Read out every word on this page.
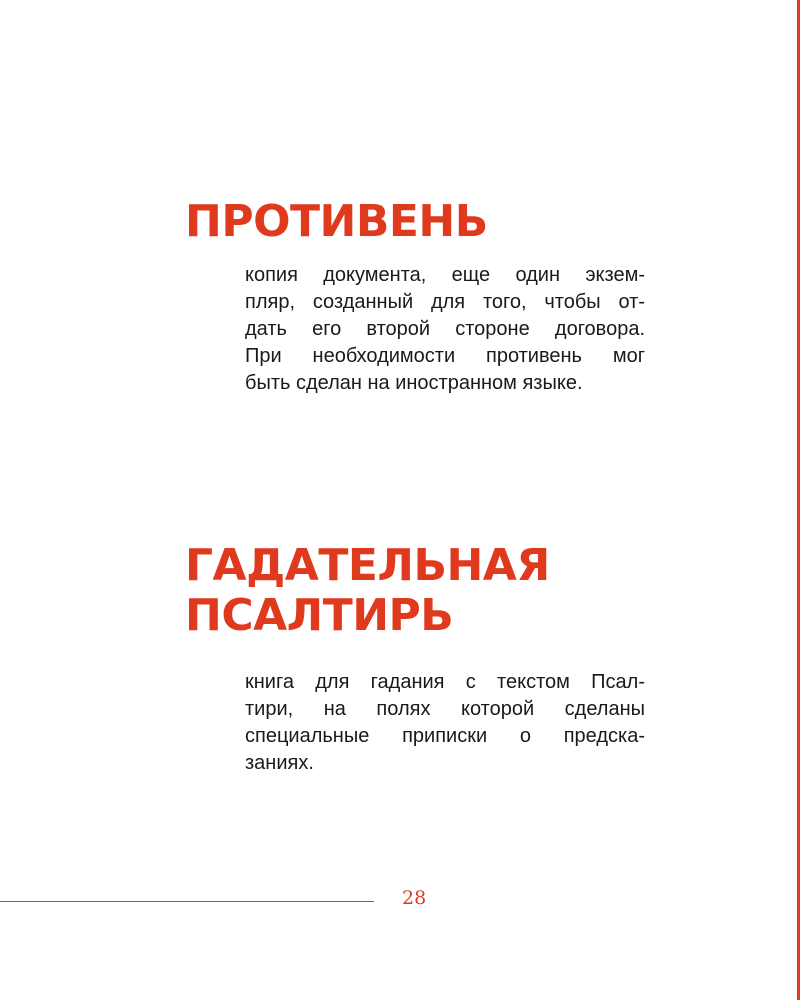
ПРОТИВЕНЬ

копия документа, еще один экзем-
пляр, созданный для того, чтобы от-
дать его второй стороне договора.
При необходимости противень мог
быть сделан на иностранном языке.

ГАДАТЕЛЬНАЯ
ПСАЛТИРЬ

книга для гадания с текстом Псал-
тири, на полях которой сделаны
специальные приписки о предска-
заниях.

28
